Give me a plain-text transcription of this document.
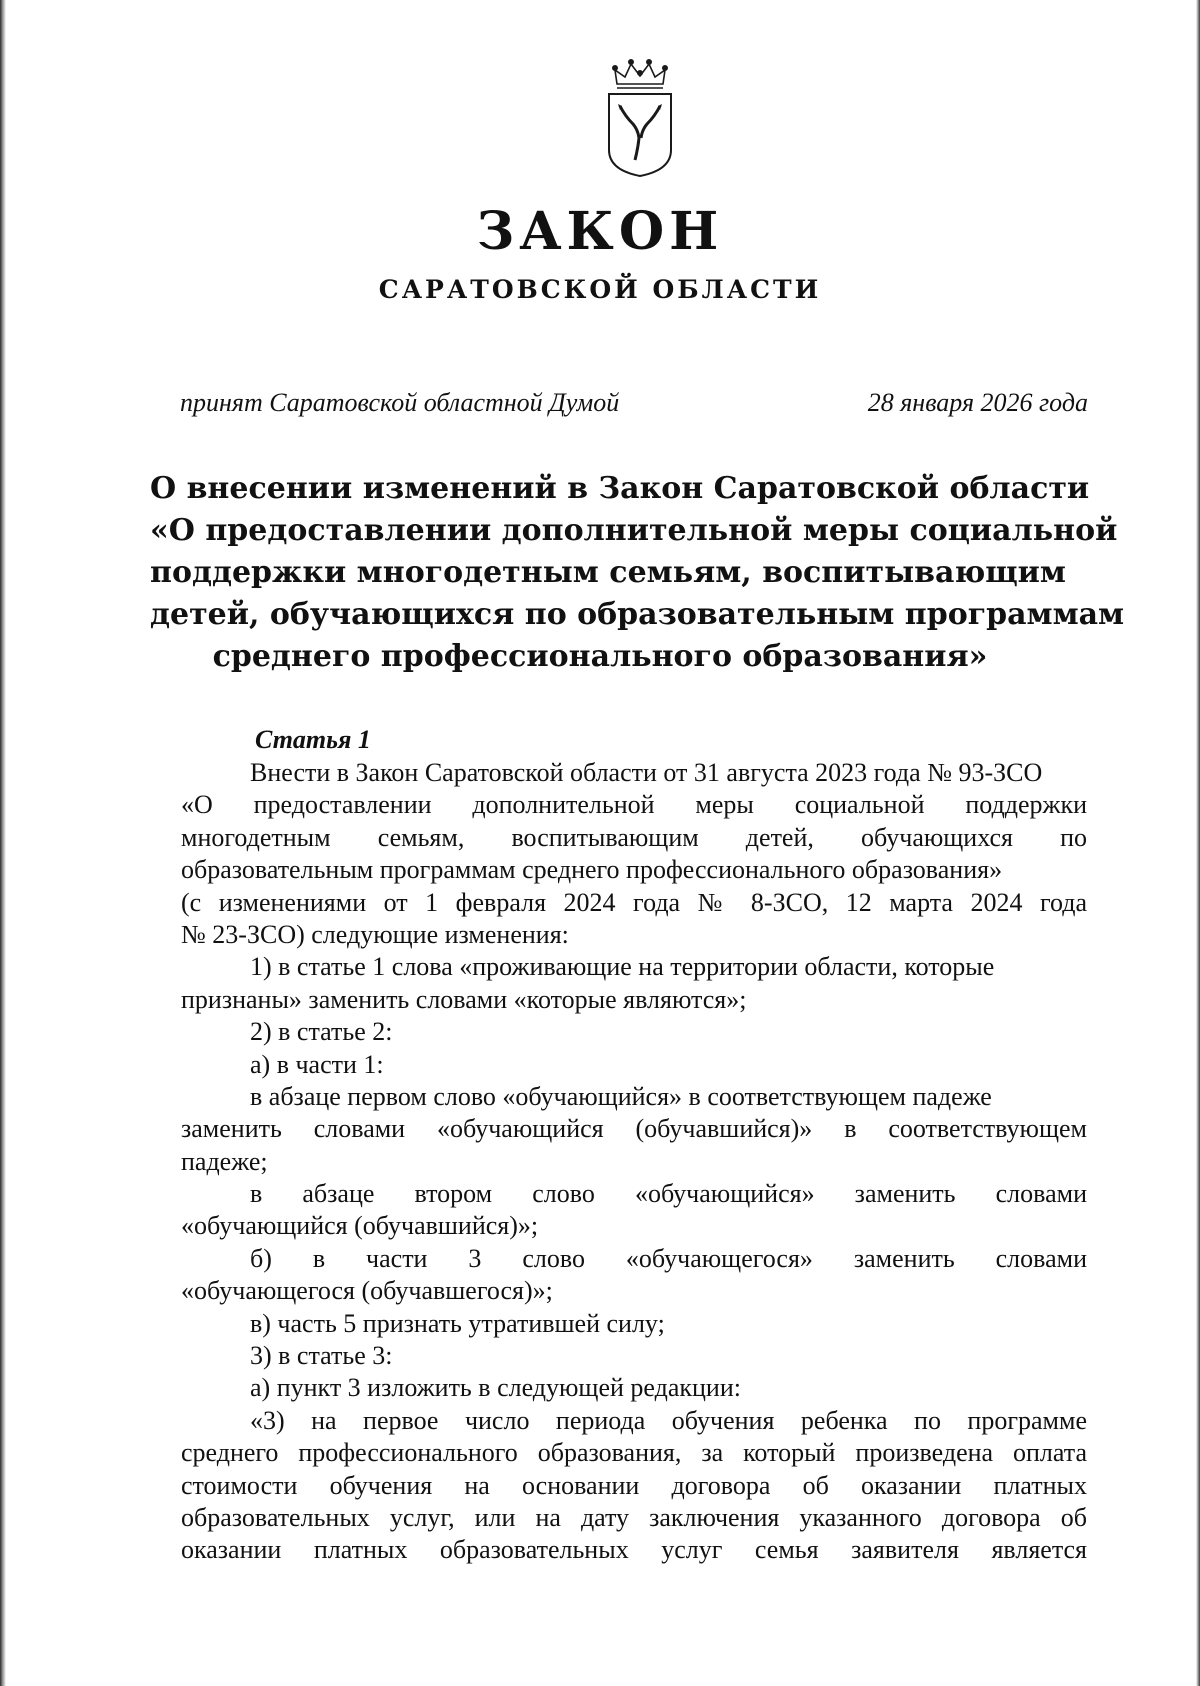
ЗАКОН
САРАТОВСКОЙ ОБЛАСТИ
принят Саратовской областной Думой	28 января 2026 года
О внесении изменений в Закон Саратовской области
«О предоставлении дополнительной меры социальной
поддержки многодетным семьям, воспитывающим
детей, обучающихся по образовательным программам
среднего профессионального образования»
Статья 1
Внести в Закон Саратовской области от 31 августа 2023 года № 93-ЗСО
«О предоставлении дополнительной меры социальной поддержки
многодетным семьям, воспитывающим детей, обучающихся по
образовательным программам среднего профессионального образования»
(с изменениями от 1 февраля 2024 года № 8-ЗСО, 12 марта 2024 года
№ 23-ЗСО) следующие изменения:
1) в статье 1 слова «проживающие на территории области, которые
признаны» заменить словами «которые являются»;
2) в статье 2:
а) в части 1:
в абзаце первом слово «обучающийся» в соответствующем падеже
заменить словами «обучающийся (обучавшийся)» в соответствующем
падеже;
в абзаце втором слово «обучающийся» заменить словами
«обучающийся (обучавшийся)»;
б) в части 3 слово «обучающегося» заменить словами
«обучающегося (обучавшегося)»;
в) часть 5 признать утратившей силу;
3) в статье 3:
а) пункт 3 изложить в следующей редакции:
«3) на первое число периода обучения ребенка по программе
среднего профессионального образования, за который произведена оплата
стоимости обучения на основании договора об оказании платных
образовательных услуг, или на дату заключения указанного договора об
оказании платных образовательных услуг семья заявителя является
